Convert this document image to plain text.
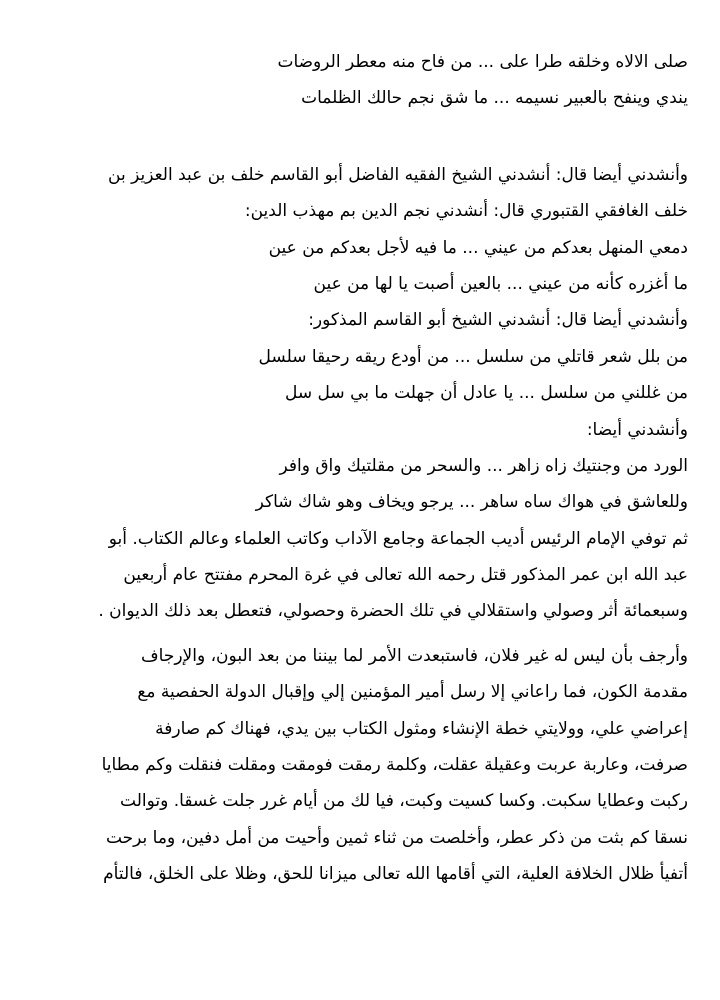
صلى الالاه وخلقه طرا على ... من فاح منه معطر الروضات
يندي وينفح بالعبير نسيمه ... ما شق نجم حالك الظلمات
وأنشدني أيضا قال: أنشدني الشيخ الفقيه الفاضل أبو القاسم خلف بن عبد العزيز بن
خلف الغافقي القتبوري قال: أنشدني نجم الدين بم مهذب الدين:
دمعي المنهل بعدكم من عيني ... ما فيه لأجل بعدكم من عين
ما أغزره كأنه من عيني ... بالعين أصبت يا لها من عين
وأنشدني أيضا قال: أنشدني الشيخ أبو القاسم المذكور:
من بلل شعر قاتلي من سلسل ... من أودع ريقه رحيقا سلسل
من غللني من سلسل ... يا عادل أن جهلت ما بي سل سل
وأنشدني أيضا:
الورد من وجنتيك زاه زاهر ... والسحر من مقلتيك واق وافر
وللعاشق في هواك ساه ساهر ... يرجو ويخاف وهو شاك شاكر
ثم توفي الإمام الرئيس أديب الجماعة وجامع الآداب وكاتب العلماء وعالم الكتاب. أبو
عبد الله ابن عمر المذكور قتل رحمه الله تعالى في غرة المحرم مفتتح عام أربعين
وسبعمائة أثر وصولي واستقلالي في تلك الحضرة وحصولي، فتعطل بعد ذلك الديوان .
وأرجف بأن ليس له غير فلان، فاستبعدت الأمر لما بيننا من بعد البون، والإرجاف
مقدمة الكون، فما راعاني إلا رسل أمير المؤمنين إلي وإقبال الدولة الحفصية مع
إعراضي علي، وولايتي خطة الإنشاء ومثول الكتاب بين يدي، فهناك كم صارفة
صرفت، وعاربة عربت وعقيلة عقلت، وكلمة رمقت فومقت ومقلت فنقلت وكم مطايا
ركبت وعطايا سكبت. وكسا كسيت وكبت، فيا لك من أيام غرر جلت غسقا. وتوالت
نسقا كم بثت من ذكر عطر، وأخلصت من ثناء ثمين وأحيت من أمل دفين، وما برحت
أتفيأ ظلال الخلافة العلية، التي أقامها الله تعالى ميزانا للحق، وظلا على الخلق، فالتأم
